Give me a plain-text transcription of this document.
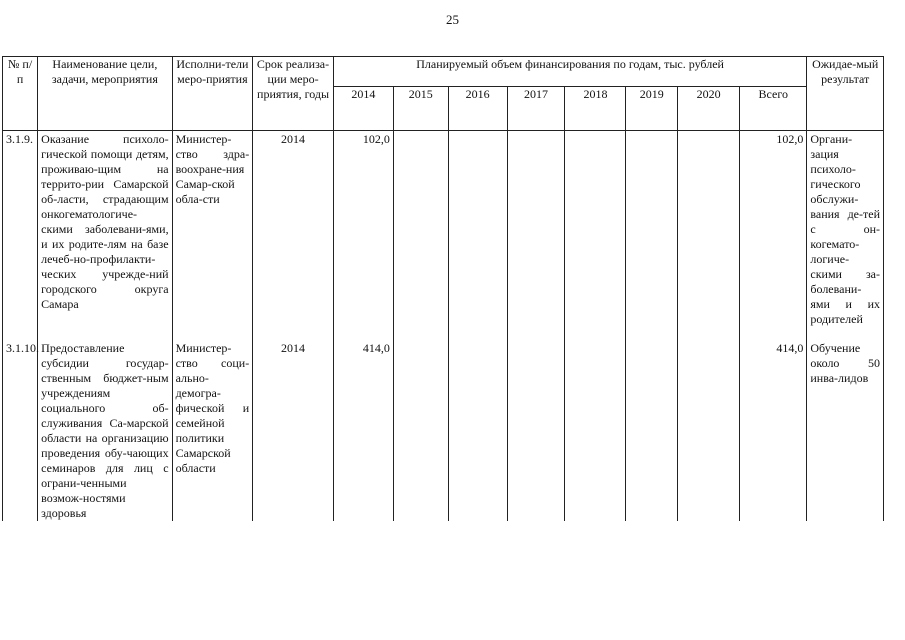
25
№ п/п	Наименование цели, задачи, мероприятия	Исполни-тели меро-приятия	Срок реализа-ции меро-приятия, годы	Планируемый объем финансирования по годам, тыс. рублей								Ожидае-мый результат
				2014	2015	2016	2017	2018	2019	2020	Всего	
3.1.9.	Оказание психоло-гической помощи детям, проживаю-щим на террито-рии Самарской об-ласти, страдающим онкогематологиче-скими заболевани-ями, и их родите-лям на базе лечеб-но-профилакти-ческих учрежде-ний городского округа Самара	Министер-ство здра-воохране-ния Самар-ской обла-сти	2014	102,0							102,0	Органи-зация психоло-гического обслужи-вания де-тей с он-когемато-логиче-скими за-болевани-ями и их родителей

3.1.10.	Предоставление субсидии государ-ственным бюджет-ным учреждениям социального об-служивания Са-марской области на организацию проведения обу-чающих семинаров для лиц с ограни-ченными возмож-ностями здоровья	Министер-ство соци-ально-демогра-фической и семейной политики Самарской области	2014	414,0							414,0	Обучение около 50 инва-лидов
